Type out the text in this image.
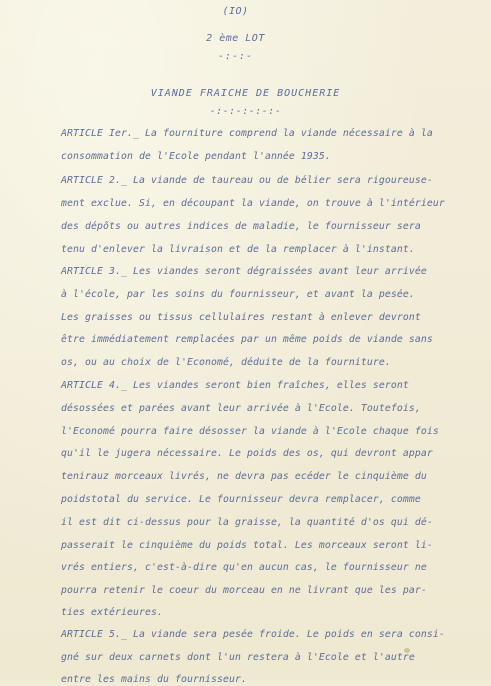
(IO)
2 ème LOT
-:-:-
VIANDE FRAICHE DE BOUCHERIE
-:-:-:-:-:-
ARTICLE Ier._ La fourniture comprend la viande nécessaire à la
consommation de l'Ecole pendant l'année 1935.
ARTICLE 2._ La viande de taureau ou de bélier sera rigoureuse-
ment exclue. Si, en découpant la viande, on trouve à l'intérieur
des dépôts ou autres indices de maladie, le fournisseur sera
tenu d'enlever la livraison et de la remplacer à l'instant.
ARTICLE 3._ Les viandes seront dégraissées avant leur arrivée
à l'école, par les soins du fournisseur, et avant la pesée.
Les graisses ou tissus cellulaires restant à enlever devront
être immédiatement remplacées par un même poids de viande sans
os, ou au choix de l'Economé, déduite de la fourniture.
ARTICLE 4._ Les viandes seront bien fraîches, elles seront
désossées et parées avant leur arrivée à l'Ecole. Toutefois,
l'Economé pourra faire désosser la viande à l'Ecole chaque fois
qu'il le jugera nécessaire. Le poids des os, qui devront appar
tenirauz morceaux livrés, ne devra pas ecéder le cinquième du
poidstotal du service. Le fournisseur devra remplacer, comme
il est dit ci-dessus pour la graisse, la quantité d'os qui dé-
passerait le cinquième du poids total. Les morceaux seront li-
vrés entiers, c'est-à-dire qu'en aucun cas, le fournisseur ne
pourra retenir le coeur du morceau en ne livrant que les par-
ties extérieures.
ARTICLE 5._ La viande sera pesée froide. Le poids en sera consi-
gné sur deux carnets dont l'un restera à l'Ecole et l'autre
entre les mains du fournisseur.
